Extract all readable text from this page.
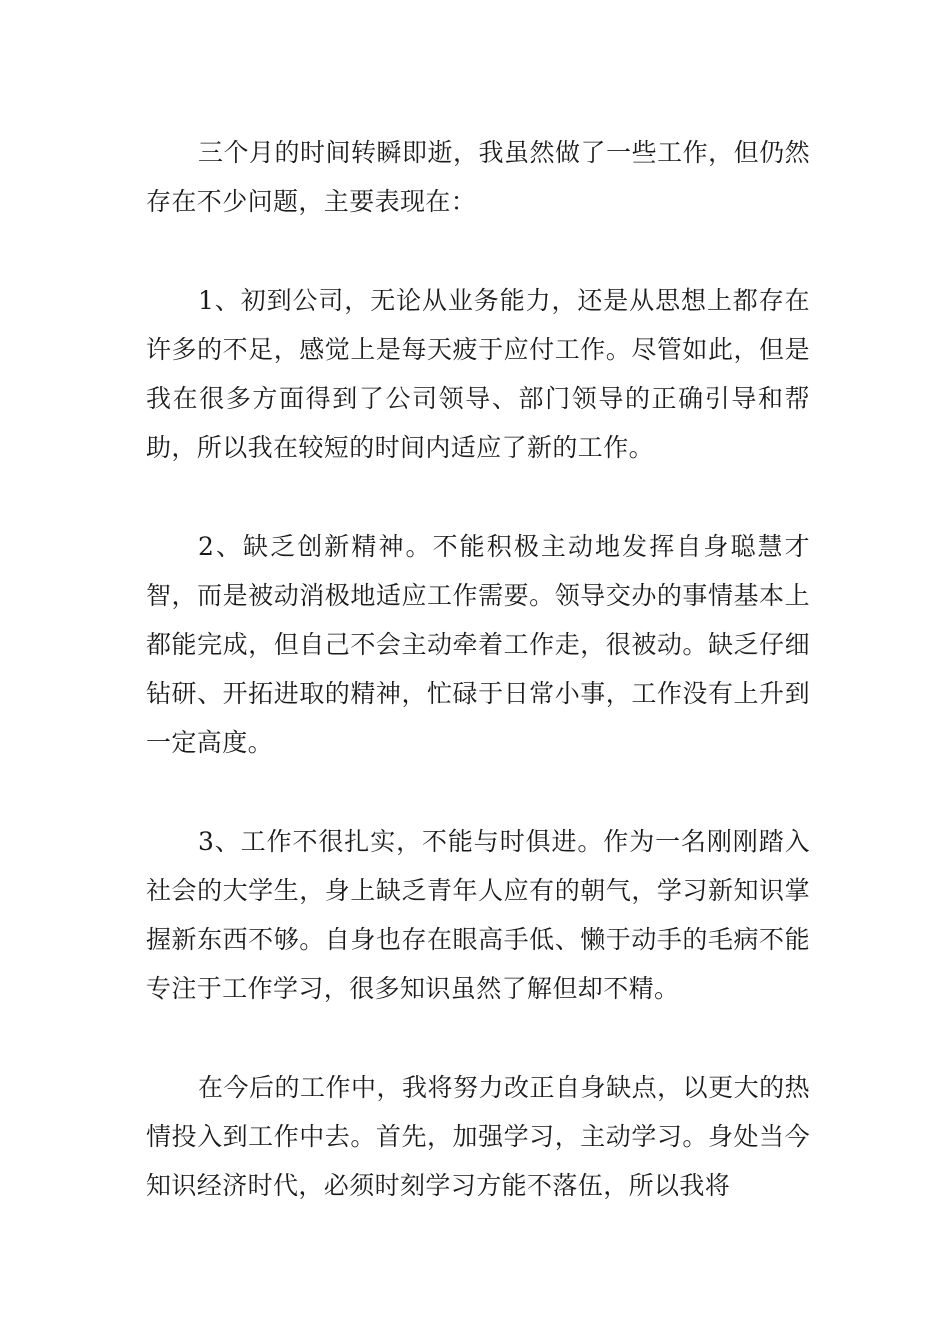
三个月的时间转瞬即逝，我虽然做了一些工作，但仍然存在不少问题，主要表现在：

1、初到公司，无论从业务能力，还是从思想上都存在许多的不足，感觉上是每天疲于应付工作。尽管如此，但是我在很多方面得到了公司领导、部门领导的正确引导和帮助，所以我在较短的时间内适应了新的工作。

2、缺乏创新精神。不能积极主动地发挥自身聪慧才智，而是被动消极地适应工作需要。领导交办的事情基本上都能完成，但自己不会主动牵着工作走，很被动。缺乏仔细钻研、开拓进取的精神，忙碌于日常小事，工作没有上升到一定高度。

3、工作不很扎实，不能与时俱进。作为一名刚刚踏入社会的大学生，身上缺乏青年人应有的朝气，学习新知识掌握新东西不够。自身也存在眼高手低、懒于动手的毛病不能专注于工作学习，很多知识虽然了解但却不精。

在今后的工作中，我将努力改正自身缺点，以更大的热情投入到工作中去。首先，加强学习，主动学习。身处当今知识经济时代，必须时刻学习方能不落伍，所以我将
